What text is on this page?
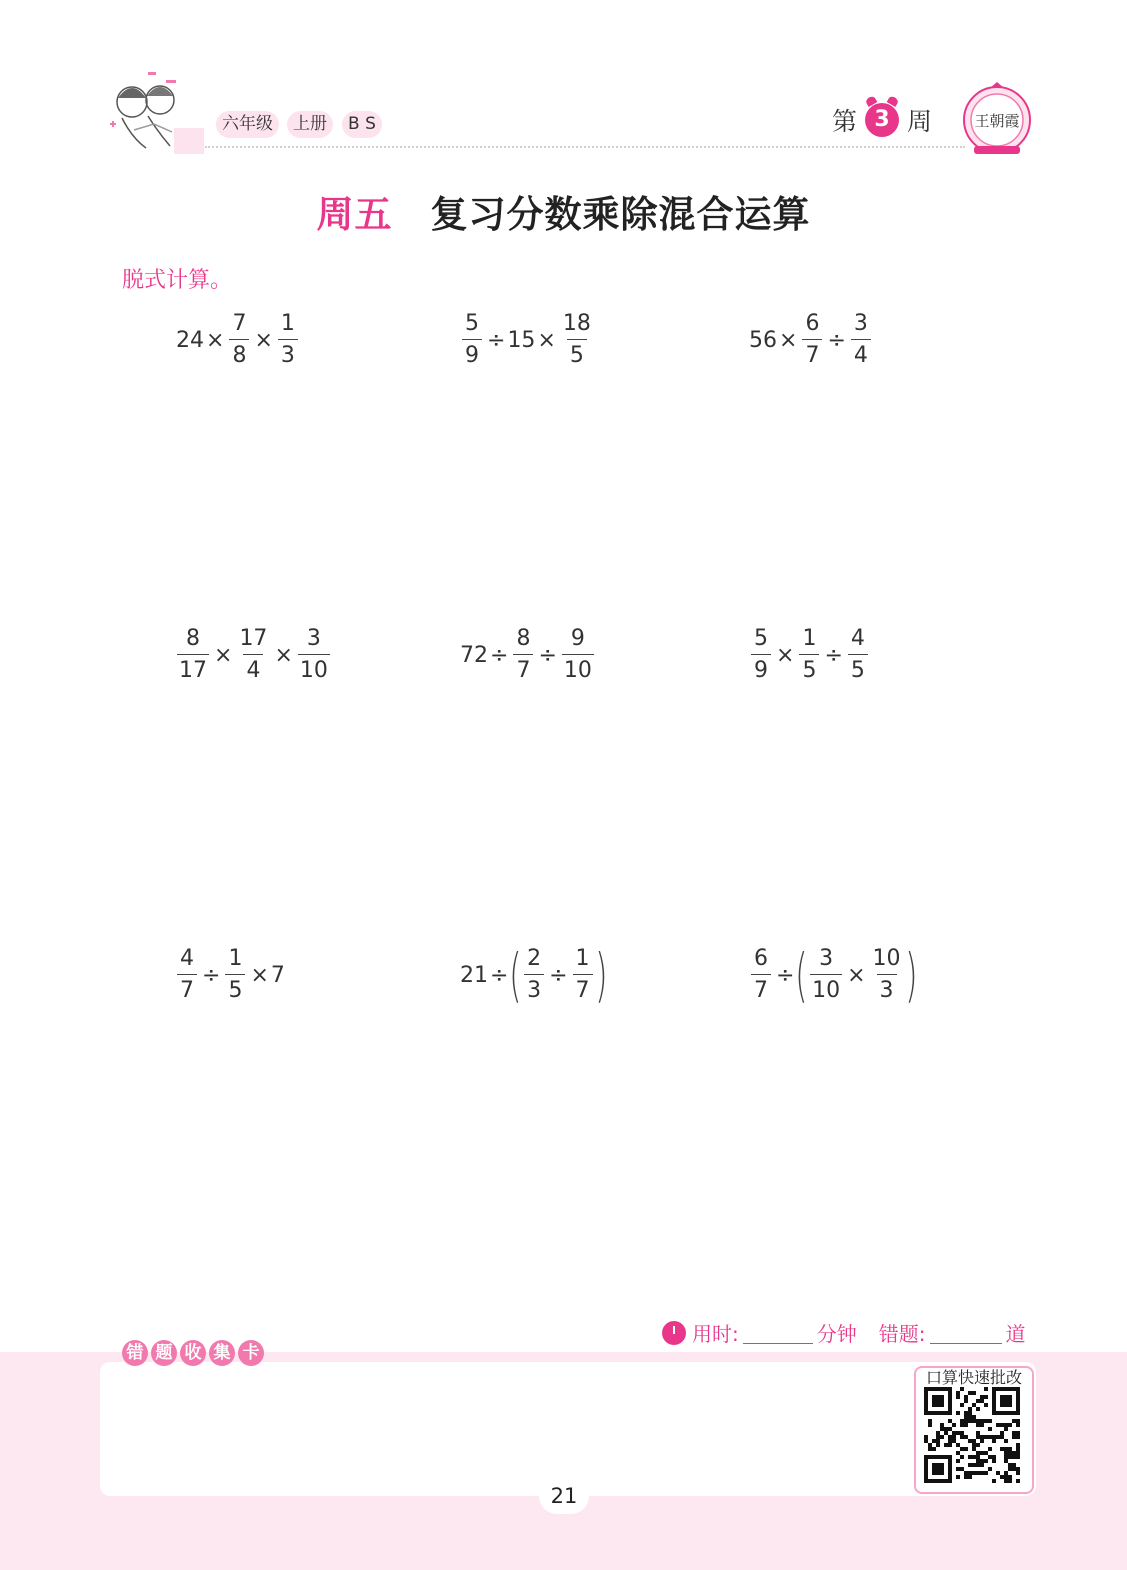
六年级	上册	B S	第 3 周	王朝霞
周五 复习分数乘除混合运算
脱式计算。
$24 \times \frac{7}{8} \times \frac{1}{3}$	$\frac{5}{9} \div 15 \times \frac{18}{5}$	$56 \times \frac{6}{7} \div \frac{3}{4}$
$\frac{8}{17} \times \frac{17}{4} \times \frac{3}{10}$	$72 \div \frac{8}{7} \div \frac{9}{10}$	$\frac{5}{9} \times \frac{1}{5} \div \frac{4}{5}$
$\frac{4}{7} \div \frac{1}{5} \times 7$	21 ÷ ( $\frac{2}{3} \div \frac{1}{7}$ )	$\frac{6}{7}$ ÷ ( $\frac{3}{10} \times \frac{10}{3}$ )
用时:	分钟 错题:	道
错 题 收 集 卡
口算快速批改
21
